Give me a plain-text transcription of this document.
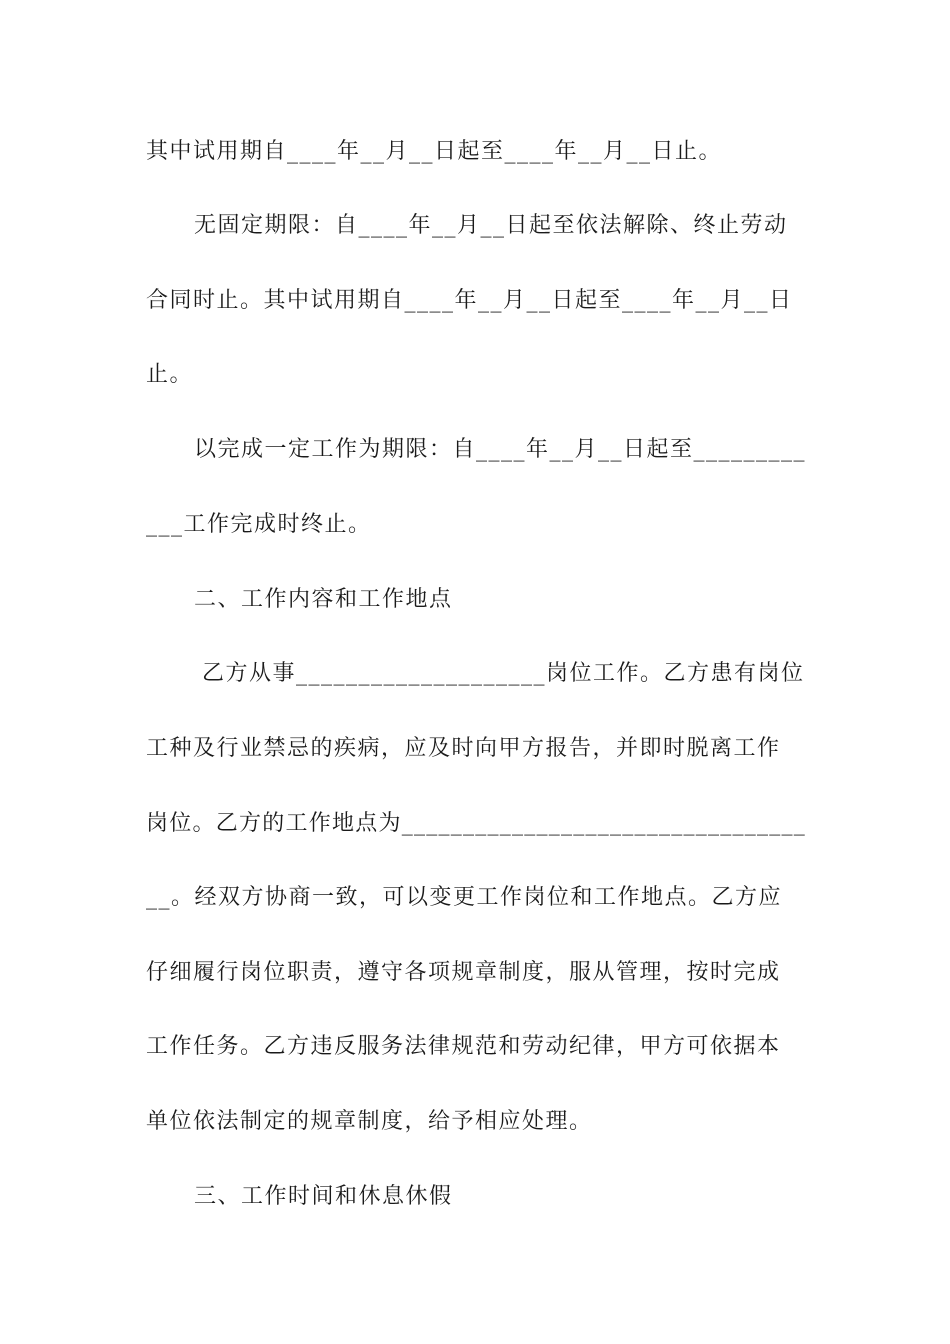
其中试用期自____年__月__日起至____年__月__日止。
无固定期限：自____年__月__日起至依法解除、终止劳动
合同时止。其中试用期自____年__月__日起至____年__月__日
止。
以完成一定工作为期限：自____年__月__日起至_________
___工作完成时终止。
二、工作内容和工作地点
乙方从事____________________岗位工作。乙方患有岗位
工种及行业禁忌的疾病，应及时向甲方报告，并即时脱离工作
岗位。乙方的工作地点为_________________________________
__。经双方协商一致，可以变更工作岗位和工作地点。乙方应
仔细履行岗位职责，遵守各项规章制度，服从管理，按时完成
工作任务。乙方违反服务法律规范和劳动纪律，甲方可依据本
单位依法制定的规章制度，给予相应处理。
三、工作时间和休息休假
